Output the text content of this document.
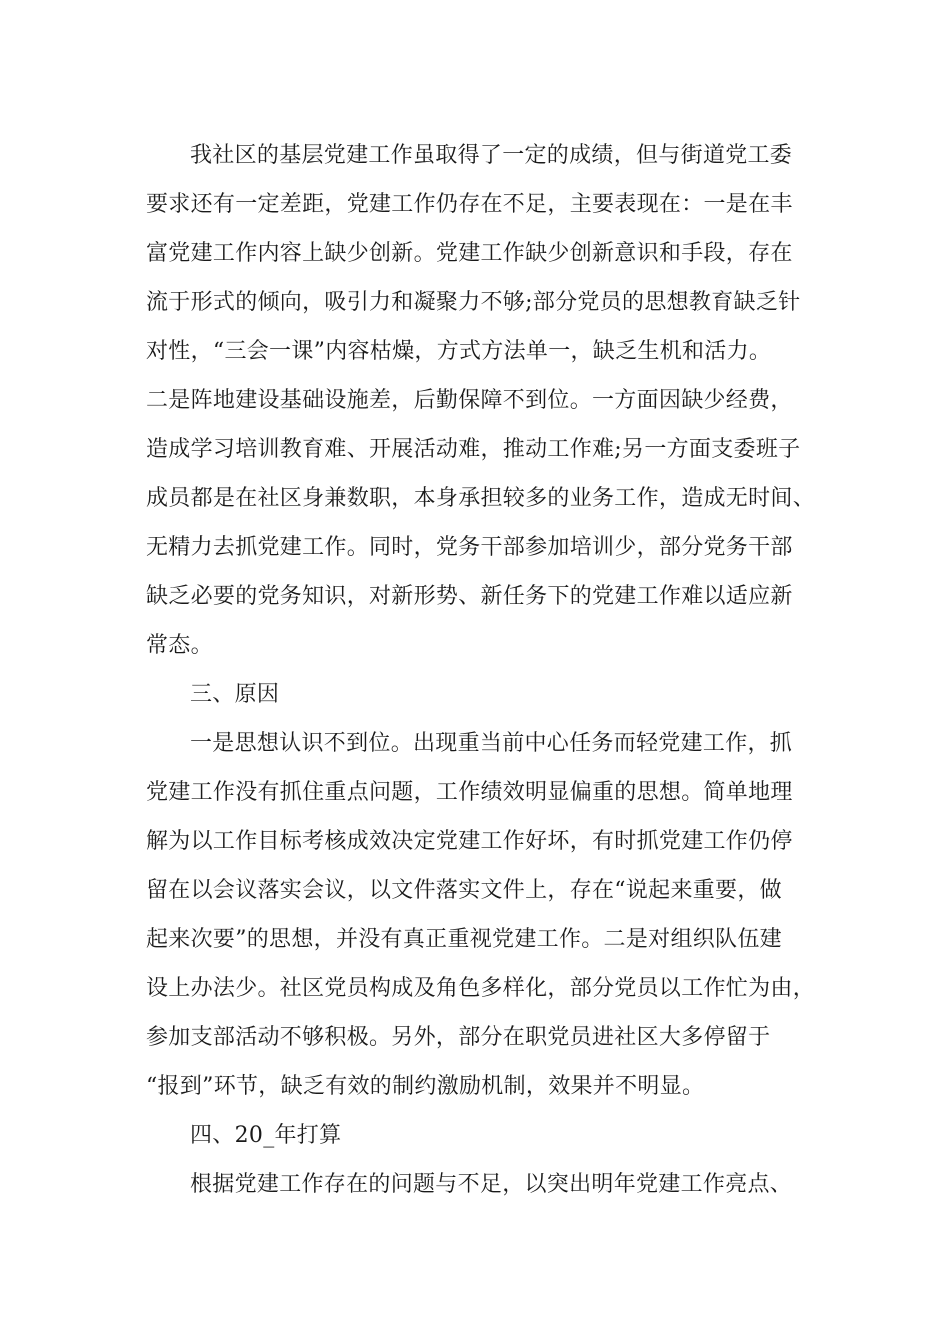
我社区的基层党建工作虽取得了一定的成绩，但与街道党工委
要求还有一定差距，党建工作仍存在不足，主要表现在：一是在丰
富党建工作内容上缺少创新。党建工作缺少创新意识和手段，存在
流于形式的倾向，吸引力和凝聚力不够;部分党员的思想教育缺乏针
对性，“三会一课”内容枯燥，方式方法单一，缺乏生机和活力。
二是阵地建设基础设施差，后勤保障不到位。一方面因缺少经费，
造成学习培训教育难、开展活动难，推动工作难;另一方面支委班子
成员都是在社区身兼数职，本身承担较多的业务工作，造成无时间、
无精力去抓党建工作。同时，党务干部参加培训少，部分党务干部
缺乏必要的党务知识，对新形势、新任务下的党建工作难以适应新
常态。
三、原因
一是思想认识不到位。出现重当前中心任务而轻党建工作，抓
党建工作没有抓住重点问题，工作绩效明显偏重的思想。简单地理
解为以工作目标考核成效决定党建工作好坏，有时抓党建工作仍停
留在以会议落实会议，以文件落实文件上，存在“说起来重要，做
起来次要”的思想，并没有真正重视党建工作。二是对组织队伍建
设上办法少。社区党员构成及角色多样化，部分党员以工作忙为由，
参加支部活动不够积极。另外，部分在职党员进社区大多停留于
“报到”环节，缺乏有效的制约激励机制，效果并不明显。
四、20_年打算
根据党建工作存在的问题与不足，以突出明年党建工作亮点、
